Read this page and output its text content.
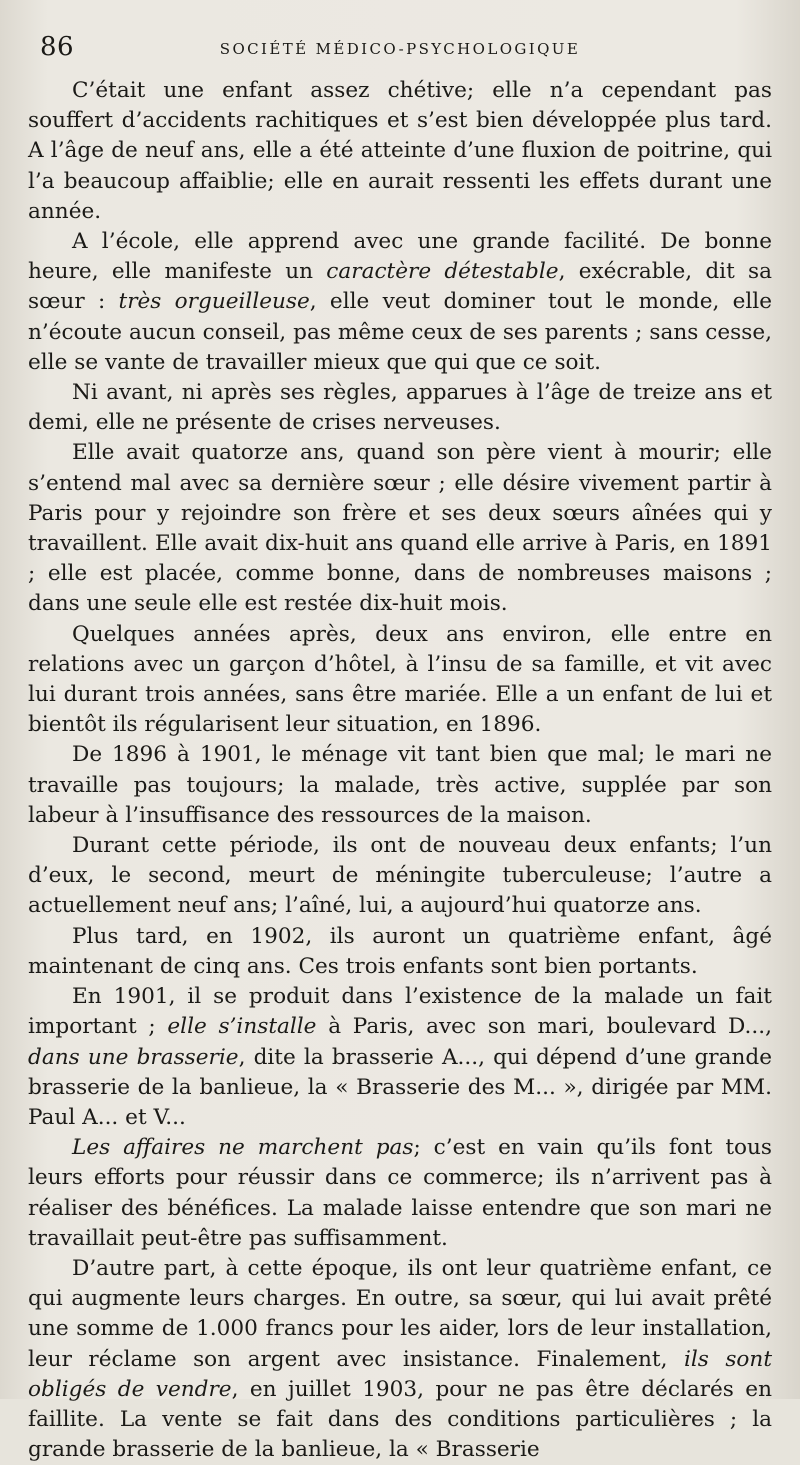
86	SOCIÉTÉ MÉDICO-PSYCHOLOGIQUE

C’était une enfant assez chétive; elle n’a cependant pas souffert d’accidents rachitiques et s’est bien développée plus tard. A l’âge de neuf ans, elle a été atteinte d’une fluxion de poitrine, qui l’a beaucoup affaiblie; elle en aurait ressenti les effets durant une année.

A l’école, elle apprend avec une grande facilité. De bonne heure, elle manifeste un caractère détestable, exécrable, dit sa sœur : très orgueilleuse, elle veut dominer tout le monde, elle n’écoute aucun conseil, pas même ceux de ses parents ; sans cesse, elle se vante de travailler mieux que qui que ce soit.

Ni avant, ni après ses règles, apparues à l’âge de treize ans et demi, elle ne présente de crises nerveuses.

Elle avait quatorze ans, quand son père vient à mourir; elle s’entend mal avec sa dernière sœur ; elle désire vivement partir à Paris pour y rejoindre son frère et ses deux sœurs aînées qui y travaillent. Elle avait dix-huit ans quand elle arrive à Paris, en 1891 ; elle est placée, comme bonne, dans de nombreuses maisons ; dans une seule elle est restée dix-huit mois.

Quelques années après, deux ans environ, elle entre en relations avec un garçon d’hôtel, à l’insu de sa famille, et vit avec lui durant trois années, sans être mariée. Elle a un enfant de lui et bientôt ils régularisent leur situation, en 1896.

De 1896 à 1901, le ménage vit tant bien que mal; le mari ne travaille pas toujours; la malade, très active, supplée par son labeur à l’insuffisance des ressources de la maison.

Durant cette période, ils ont de nouveau deux enfants; l’un d’eux, le second, meurt de méningite tuberculeuse; l’autre a actuellement neuf ans; l’aîné, lui, a aujourd’hui quatorze ans.

Plus tard, en 1902, ils auront un quatrième enfant, âgé maintenant de cinq ans. Ces trois enfants sont bien portants.

En 1901, il se produit dans l’existence de la malade un fait important ; elle s’installe à Paris, avec son mari, boulevard D..., dans une brasserie, dite la brasserie A..., qui dépend d’une grande brasserie de la banlieue, la « Brasserie des M... », dirigée par MM. Paul A... et V...

Les affaires ne marchent pas; c’est en vain qu’ils font tous leurs efforts pour réussir dans ce commerce; ils n’arrivent pas à réaliser des bénéfices. La malade laisse entendre que son mari ne travaillait peut-être pas suffisamment.

D’autre part, à cette époque, ils ont leur quatrième enfant, ce qui augmente leurs charges. En outre, sa sœur, qui lui avait prêté une somme de 1.000 francs pour les aider, lors de leur installation, leur réclame son argent avec insistance. Finalement, ils sont obligés de vendre, en juillet 1903, pour ne pas être déclarés en faillite. La vente se fait dans des conditions particulières ; la grande brasserie de la banlieue, la « Brasserie
